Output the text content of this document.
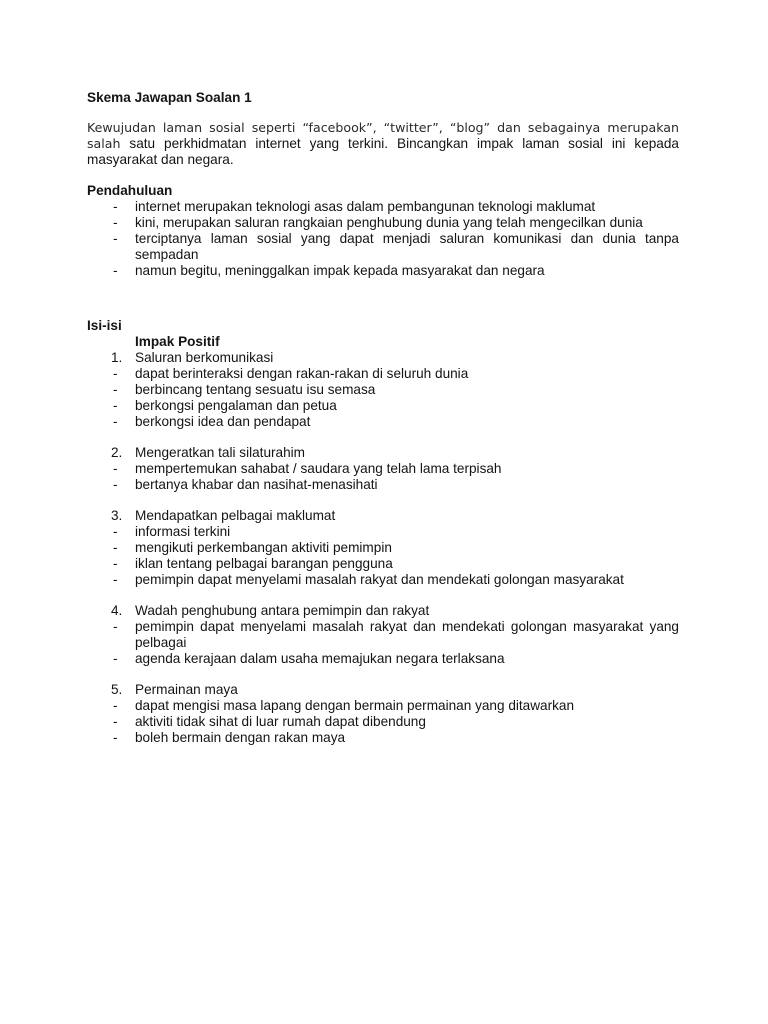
Skema Jawapan Soalan 1
Kewujudan laman sosial seperti “facebook”, “twitter”, “blog” dan sebagainya merupakan salah satu perkhidmatan internet yang terkini. Bincangkan impak laman sosial ini kepada masyarakat dan negara.
Pendahuluan
-	internet merupakan teknologi asas dalam pembangunan teknologi maklumat
-	kini, merupakan saluran rangkaian penghubung dunia yang telah mengecilkan dunia
-	terciptanya laman sosial yang dapat menjadi saluran komunikasi dan dunia tanpa sempadan
-	namun begitu, meninggalkan impak kepada masyarakat dan negara
Isi-isi
Impak Positif
1. Saluran berkomunikasi
-	dapat berinteraksi dengan rakan-rakan di seluruh dunia
-	berbincang tentang sesuatu isu semasa
-	berkongsi pengalaman dan petua
-	berkongsi idea dan pendapat
2. Mengeratkan tali silaturahim
-	mempertemukan sahabat / saudara yang telah lama terpisah
-	bertanya khabar dan nasihat-menasihati
3. Mendapatkan pelbagai maklumat
-	informasi terkini
-	mengikuti perkembangan aktiviti pemimpin
-	iklan tentang pelbagai barangan pengguna
-	pemimpin dapat menyelami masalah rakyat dan mendekati golongan masyarakat
4. Wadah penghubung antara pemimpin dan rakyat
-	pemimpin dapat menyelami masalah rakyat dan mendekati golongan masyarakat yang pelbagai
-	agenda kerajaan dalam usaha memajukan negara terlaksana
5. Permainan maya
-	dapat mengisi masa lapang dengan bermain permainan yang ditawarkan
-	aktiviti tidak sihat di luar rumah dapat dibendung
-	boleh bermain dengan rakan maya
